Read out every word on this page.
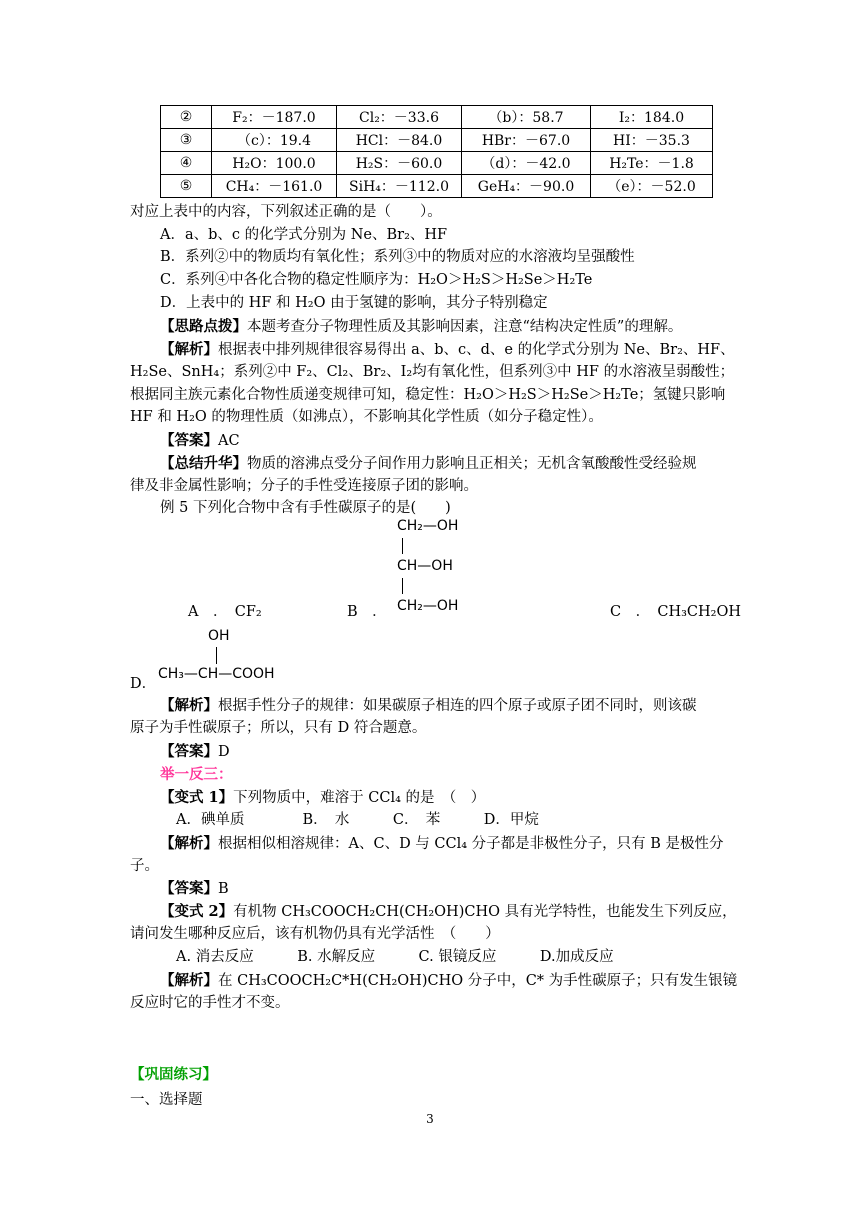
②	F₂：－187.0	Cl₂：－33.6	（b）：58.7	I₂：184.0
③	（c）：19.4	HCl：－84.0	HBr：－67.0	HI：－35.3
④	H₂O：100.0	H₂S：－60.0	（d）：－42.0	H₂Te：－1.8
⑤	CH₄：－161.0	SiH₄：－112.0	GeH₄：－90.0	（e）：－52.0
对应上表中的内容，下列叙述正确的是（　　）。
A．a、b、c 的化学式分别为 Ne、Br₂、HF
B．系列②中的物质均有氧化性；系列③中的物质对应的水溶液均呈强酸性
C．系列④中各化合物的稳定性顺序为：H₂O＞H₂S＞H₂Se＞H₂Te
D．上表中的 HF 和 H₂O 由于氢键的影响，其分子特别稳定
【思路点拨】本题考查分子物理性质及其影响因素，注意“结构决定性质”的理解。
【解析】根据表中排列规律很容易得出 a、b、c、d、e 的化学式分别为 Ne、Br₂、HF、
H₂Se、SnH₄；系列②中 F₂、Cl₂、Br₂、I₂均有氧化性，但系列③中 HF 的水溶液呈弱酸性；
根据同主族元素化合物性质递变规律可知，稳定性：H₂O＞H₂S＞H₂Se＞H₂Te；氢键只影响
HF 和 H₂O 的物理性质（如沸点），不影响其化学性质（如分子稳定性）。
【答案】AC
【总结升华】物质的溶沸点受分子间作用力影响且正相关；无机含氧酸酸性受经验规
律及非金属性影响；分子的手性受连接原子团的影响。
例 5 下列化合物中含有手性碳原子的是(　　)
CH₂—OH
CH—OH
CH₂—OH
A　．　 CF₂	B　．	C　．　 CH₃CH₂OH
D．
OH
CH₃—CH—COOH
【解析】根据手性分子的规律：如果碳原子相连的四个原子或原子团不同时，则该碳
原子为手性碳原子；所以，只有 D 符合题意。
【答案】D
举一反三：
【变式 1】下列物质中，难溶于 CCl₄ 的是　（　）
A．碘单质　　　　B．　水　　　C．　苯　　　D．甲烷
【解析】根据相似相溶规律：A、C、D 与 CCl₄ 分子都是非极性分子，只有 B 是极性分
子。
【答案】B
【变式 2】有机物 CH₃COOCH₂CH(CH₂OH)CHO 具有光学特性，也能发生下列反应，
请问发生哪种反应后，该有机物仍具有光学活性　（　　）
A. 消去反应　　　B. 水解反应　　　C. 银镜反应　　　D.加成反应
【解析】在 CH₃COOCH₂C*H(CH₂OH)CHO 分子中，C* 为手性碳原子；只有发生银镜
反应时它的手性才不变。
【巩固练习】
一、选择题
3
